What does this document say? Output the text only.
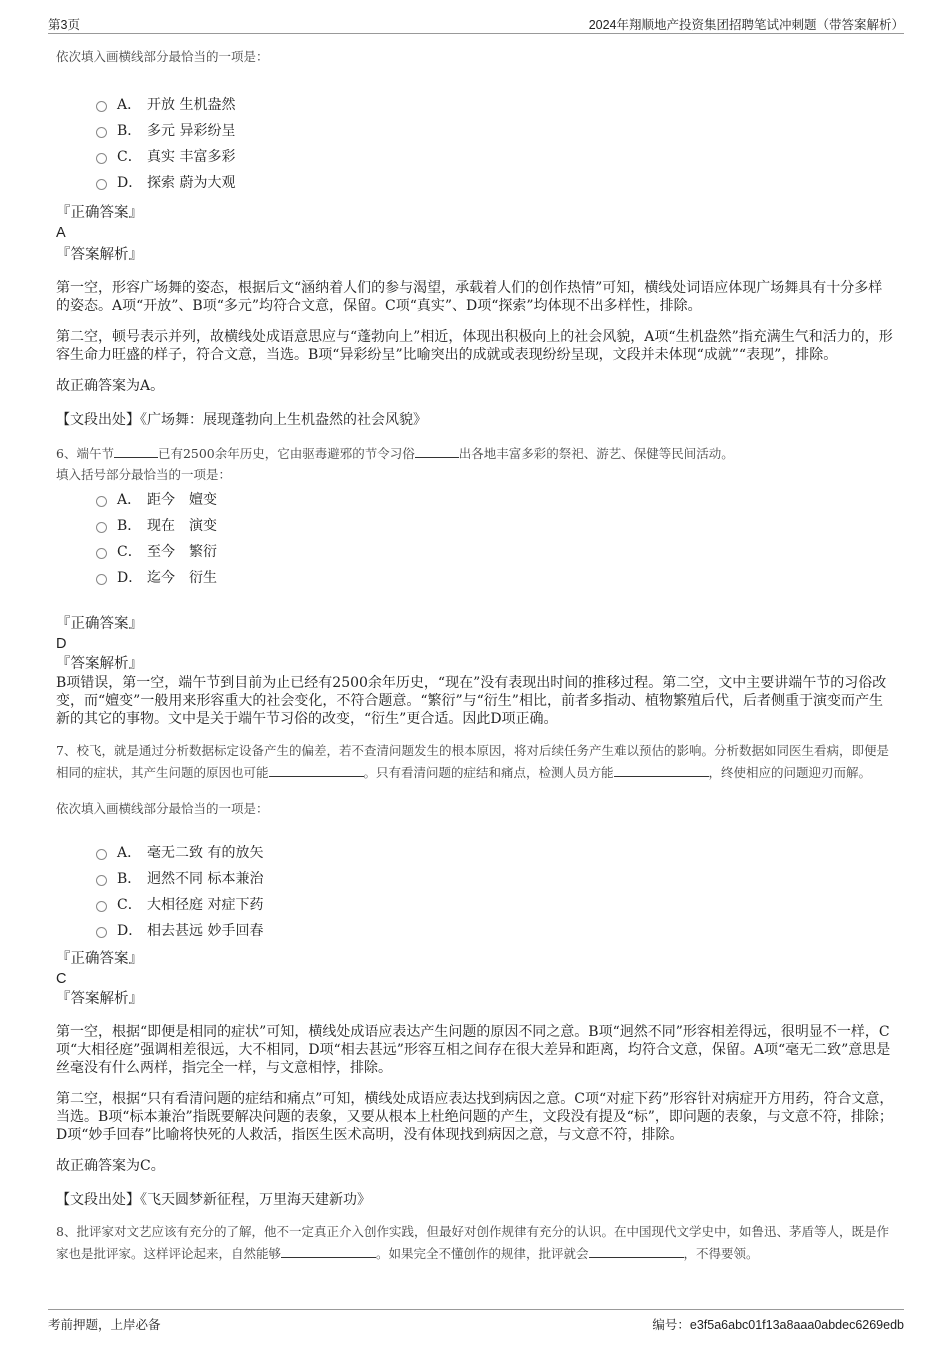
第3页	2024年翔顺地产投资集团招聘笔试冲刺题（带答案解析）
依次填入画横线部分最恰当的一项是：
A． 开放 生机盎然
B． 多元 异彩纷呈
C． 真实 丰富多彩
D． 探索 蔚为大观
『正确答案』
A
『答案解析』

第一空，形容广场舞的姿态，根据后文“涵纳着人们的参与渴望，承载着人们的创作热情”可知，横线处词语应体现广场舞具有十分多样的姿态。A项“开放”、B项“多元”均符合文意，保留。C项“真实”、D项“探索”均体现不出多样性，排除。

第二空，顿号表示并列，故横线处成语意思应与“蓬勃向上”相近，体现出积极向上的社会风貌，A项“生机盎然”指充满生气和活力的，形容生命力旺盛的样子，符合文意，当选。B项“异彩纷呈”比喻突出的成就或表现纷纷呈现，文段并未体现“成就”“表现”，排除。

故正确答案为A。

【文段出处】《广场舞：展现蓬勃向上生机盎然的社会风貌》

6、端午节	已有2500余年历史，它由驱毒避邪的节令习俗	出各地丰富多彩的祭祀、游艺、保健等民间活动。
填入括号部分最恰当的一项是：
A． 距今　嬗变
B． 现在　演变
C． 至今　繁衍
D． 迄今　衍生
『正确答案』
D
『答案解析』

B项错误，第一空，端午节到目前为止已经有2500余年历史，“现在”没有表现出时间的推移过程。第二空，文中主要讲端午节的习俗改变，而“嬗变”一般用来形容重大的社会变化，不符合题意。“繁衍”与“衍生”相比，前者多指动、植物繁殖后代，后者侧重于演变而产生新的其它的事物。文中是关于端午节习俗的改变，“衍生”更合适。因此D项正确。

7、校飞，就是通过分析数据标定设备产生的偏差，若不查清问题发生的根本原因，将对后续任务产生难以预估的影响。分析数据如同医生看病，即便是相同的症状，其产生问题的原因也可能	。只有看清问题的症结和痛点，检测人员方能	，终使相应的问题迎刃而解。
依次填入画横线部分最恰当的一项是：
A． 毫无二致 有的放矢
B． 迥然不同 标本兼治
C． 大相径庭 对症下药
D． 相去甚远 妙手回春
『正确答案』
C
『答案解析』

第一空，根据“即便是相同的症状”可知，横线处成语应表达产生问题的原因不同之意。B项“迥然不同”形容相差得远，很明显不一样，C项“大相径庭”强调相差很远，大不相同，D项“相去甚远”形容互相之间存在很大差异和距离，均符合文意，保留。A项“毫无二致”意思是丝毫没有什么两样，指完全一样，与文意相悖，排除。

第二空，根据“只有看清问题的症结和痛点”可知，横线处成语应表达找到病因之意。C项“对症下药”形容针对病症开方用药，符合文意，当选。B项“标本兼治”指既要解决问题的表象，又要从根本上杜绝问题的产生，文段没有提及“标”，即问题的表象，与文意不符，排除；D项“妙手回春”比喻将快死的人救活，指医生医术高明，没有体现找到病因之意，与文意不符，排除。

故正确答案为C。

【文段出处】《飞天圆梦新征程，万里海天建新功》

8、批评家对文艺应该有充分的了解，他不一定真正介入创作实践，但最好对创作规律有充分的认识。在中国现代文学史中，如鲁迅、茅盾等人，既是作家也是批评家。这样评论起来，自然能够	。如果完全不懂创作的规律，批评就会	，不得要领。
考前押题，上岸必备	编号：e3f5a6abc01f13a8aaa0abdec6269edb
